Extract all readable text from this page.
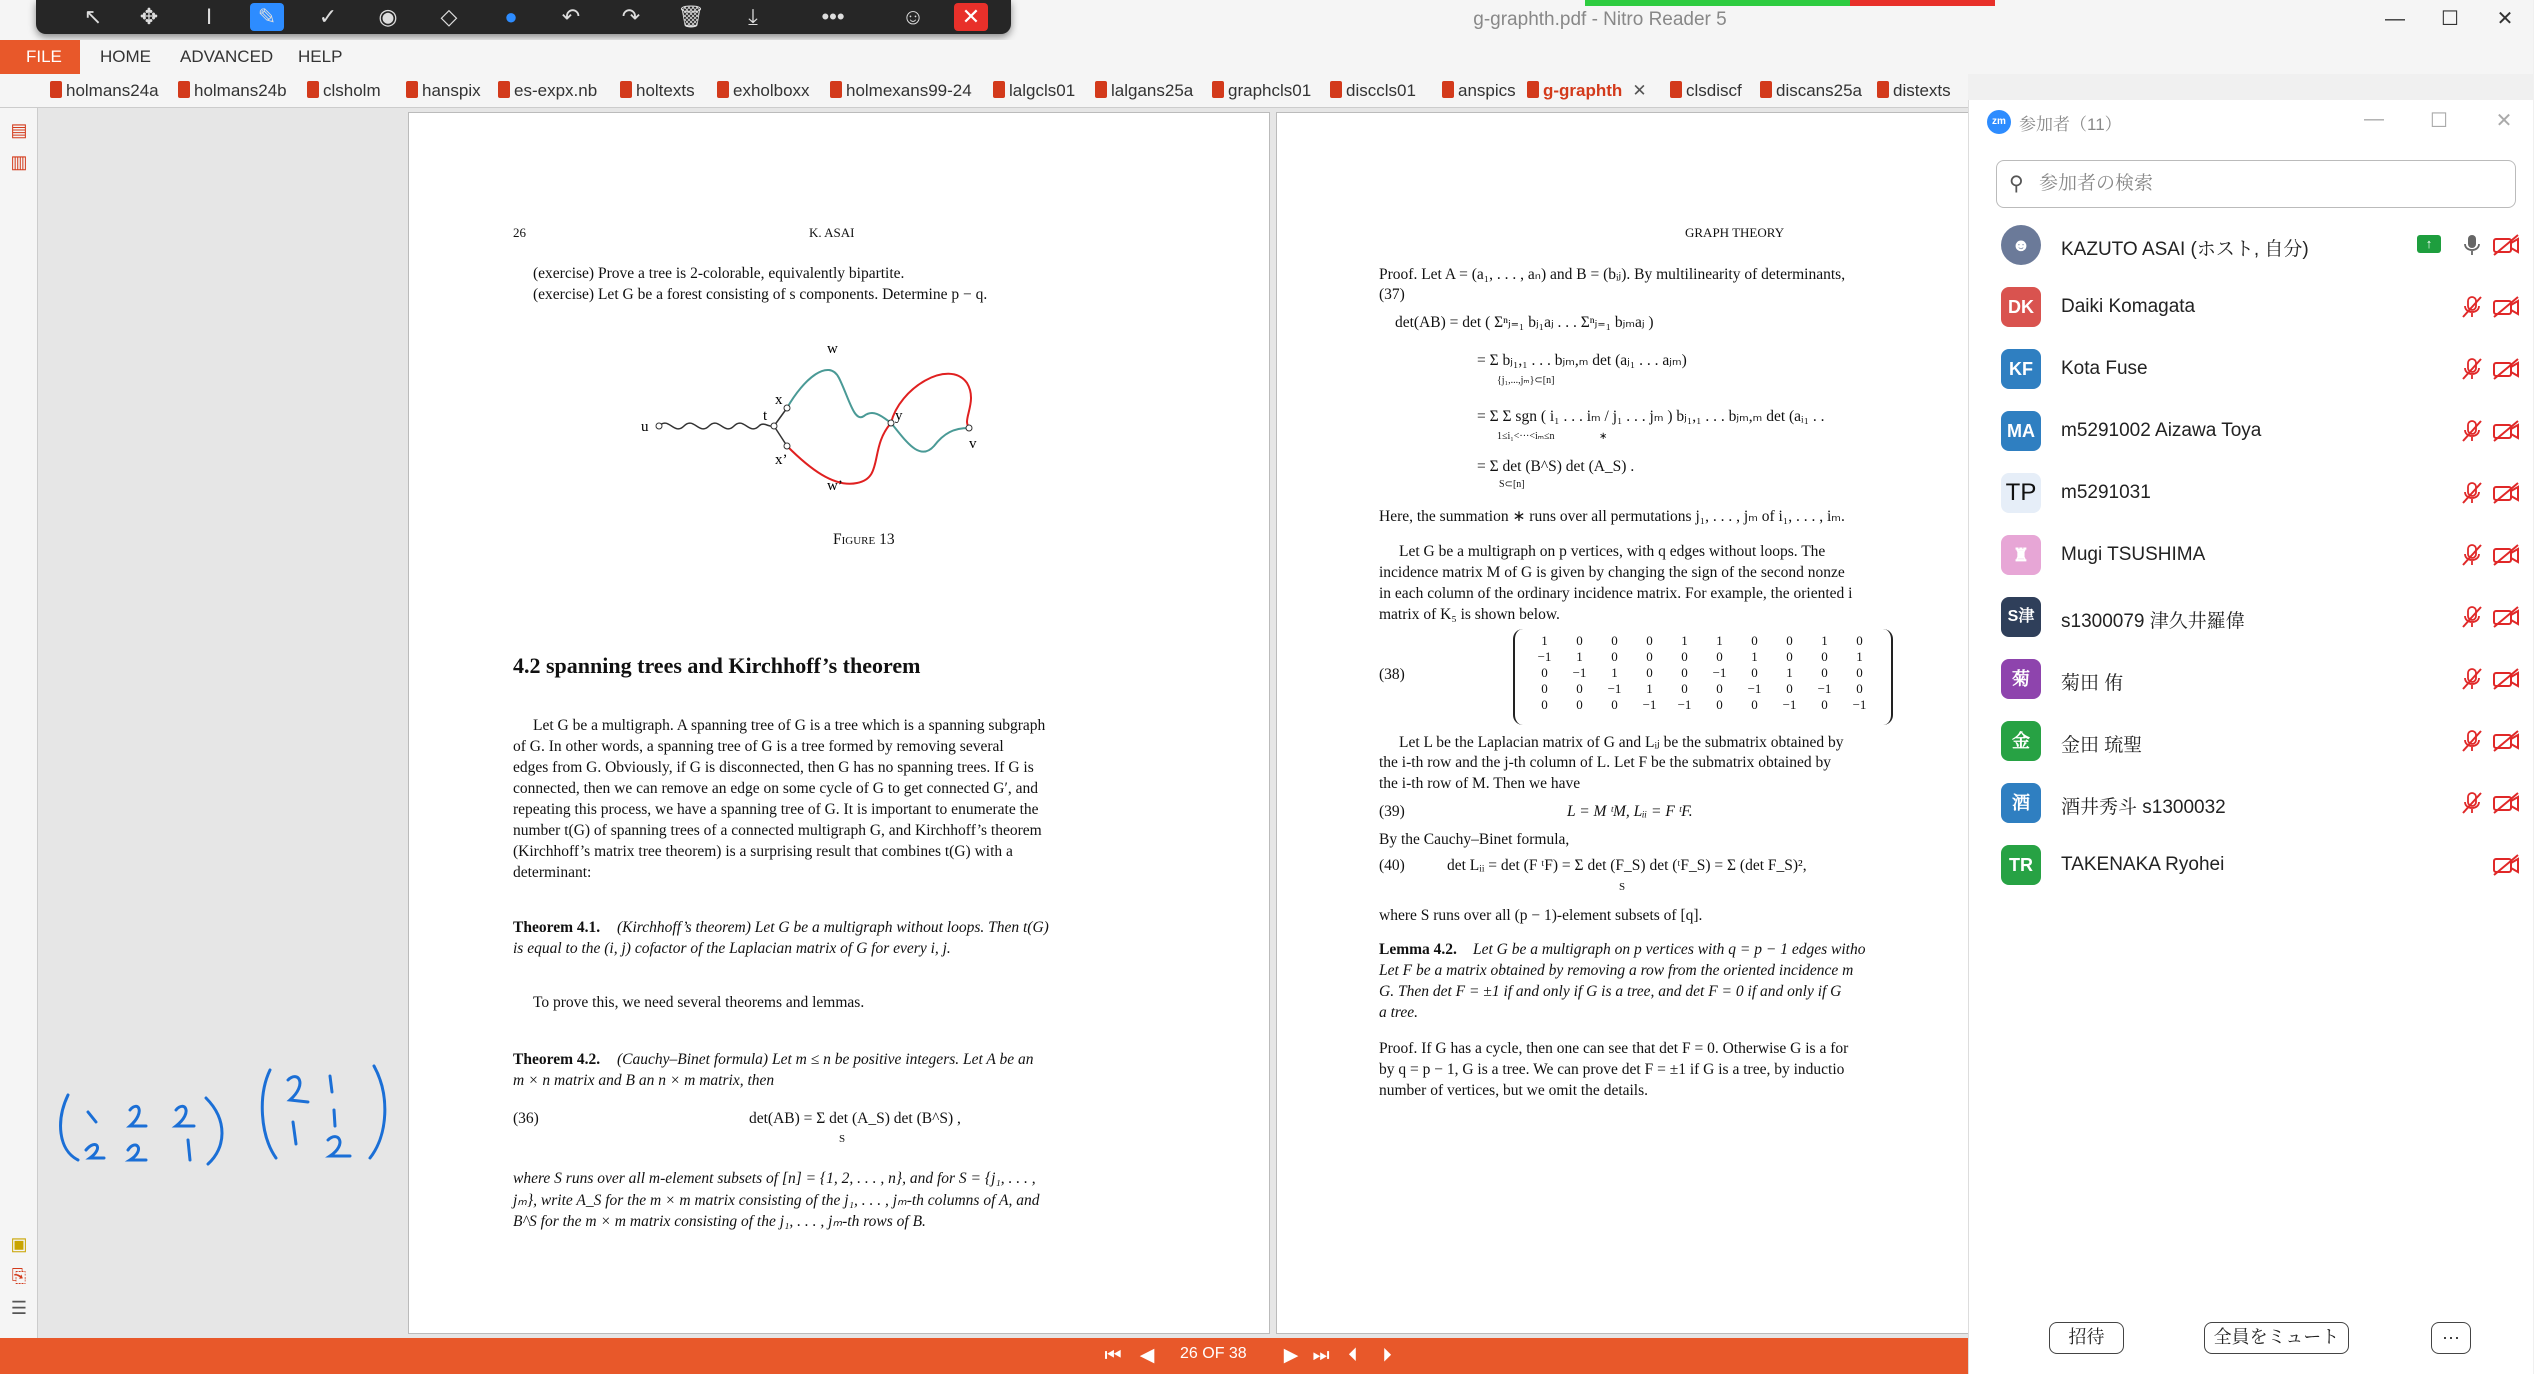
g-graphth.pdf - Nitro Reader 5	—	☐	✕
↖	✥	I	✎	✓	◉	◇	●	↶	↷	🗑	⤓	•••	☺	✕
FILE	HOME ADVANCED HELP
holmans24a	holmans24b	clsholm	hanspix	es-expx.nb	holtexts	exholboxx	holmexans99-24	lalgcls01	lalgans25a	graphcls01	disccls01	anspics	g-graphth ✕	clsdiscf	discans25a	distexts
▤
▥
▣
⎘
☰
26	K. ASAI
(exercise) Prove a tree is 2-colorable, equivalently bipartite.
(exercise) Let G be a forest consisting of s components. Determine p − q.
u
w
x
t	y
v
x’
w’
Figure 13
4.2 spanning trees and Kirchhoff’s theorem
Let G be a multigraph. A spanning tree of G is a tree which is a spanning subgraph
of G. In other words, a spanning tree of G is a tree formed by removing several
edges from G. Obviously, if G is disconnected, then G has no spanning trees. If G is
connected, then we can remove an edge on some cycle of G to get connected G′, and
repeating this process, we have a spanning tree of G. It is important to enumerate the
number t(G) of spanning trees of a connected multigraph G, and Kirchhoff’s theorem
(Kirchhoff’s matrix tree theorem) is a surprising result that combines t(G) with a
determinant:
Theorem 4.1. (Kirchhoff’s theorem) Let G be a multigraph without loops. Then t(G)
is equal to the (i, j) cofactor of the Laplacian matrix of G for every i, j.
To prove this, we need several theorems and lemmas.
Theorem 4.2. (Cauchy–Binet formula) Let m ≤ n be positive integers. Let A be an
m × n matrix and B an n × m matrix, then
(36)	det(AB) = Σ det (A_S) det (B^S) ,
S
where S runs over all m-element subsets of [n] = {1, 2, . . . , n}, and for S = {j₁, . . . ,
jₘ}, write A_S for the m × m matrix consisting of the j₁, . . . , jₘ-th columns of A, and
B^S for the m × m matrix consisting of the j₁, . . . , jₘ-th rows of B.
GRAPH THEORY
Proof. Let A = (a₁, . . . , aₙ) and B = (bᵢⱼ). By multilinearity of determinants,
(37)
det(AB) = det ( Σⁿⱼ₌₁ bⱼ₁aⱼ . . . Σⁿⱼ₌₁ bⱼₘaⱼ )
= Σ bⱼ₁,₁ . . . bⱼₘ,ₘ det (aⱼ₁ . . . aⱼₘ)
= Σ Σ sgn ( i₁ . . . iₘ / j₁ . . . jₘ ) bⱼ₁,₁ . . . bⱼₘ,ₘ det (aᵢ₁ . .
= Σ det (B^S) det (A_S) .
{j₁,...,jₘ}⊂[n]
1≤i₁<···<iₘ≤n	∗
S⊂[n]
Here, the summation ∗ runs over all permutations j₁, . . . , jₘ of i₁, . . . , iₘ.
Let G be a multigraph on p vertices, with q edges without loops. The
incidence matrix M of G is given by changing the sign of the second nonze
in each column of the ordinary incidence matrix. For example, the oriented i
matrix of K₅ is shown below.
(38)
1	0	0	0	1	1	0	0	1	0
−1	1	0	0	0	0	1	0	0	1
0	−1	1	0	0	−1	0	1	0	0
0	0	−1	1	0	0	−1	0	−1	0
0	0	0	−1	−1	0	0	−1	0	−1
Let L be the Laplacian matrix of G and Lᵢⱼ be the submatrix obtained by
the i-th row and the j-th column of L. Let F be the submatrix obtained by
the i-th row of M. Then we have
(39)	L = M ᵗM, Lᵢᵢ = F ᵗF.
By the Cauchy–Binet formula,
(40)	det Lᵢᵢ = det (F ᵗF) = Σ det (F_S) det (ᵗF_S) = Σ (det F_S)²,
S
where S runs over all (p − 1)-element subsets of [q].
Lemma 4.2. Let G be a multigraph on p vertices with q = p − 1 edges witho
Let F be a matrix obtained by removing a row from the oriented incidence m
G. Then det F = ±1 if and only if G is a tree, and det F = 0 if and only if G
a tree.
Proof. If G has a cycle, then one can see that det F = 0. Otherwise G is a for
by q = p − 1, G is a tree. We can prove det F = ±1 if G is a tree, by inductio
number of vertices, but we omit the details.
⏮ ◀	26 OF 38	▶ ⏭ ⏴	⏵
zm 参加者（11）	—	☐	✕
⚲ 参加者の検索
☻	KAZUTO ASAI (ホスト, 自分)	↑
DK	Daiki Komagata
KF	Kota Fuse
MA	m5291002 Aizawa Toya
TP m5291031
♜	Mugi TSUSHIMA
S津	s1300079 津久井羅偉
菊	菊田 侑
金	金田 琉聖
酒	酒井秀斗 s1300032
TR	TAKENAKA Ryohei
招待	全員をミュート	···
